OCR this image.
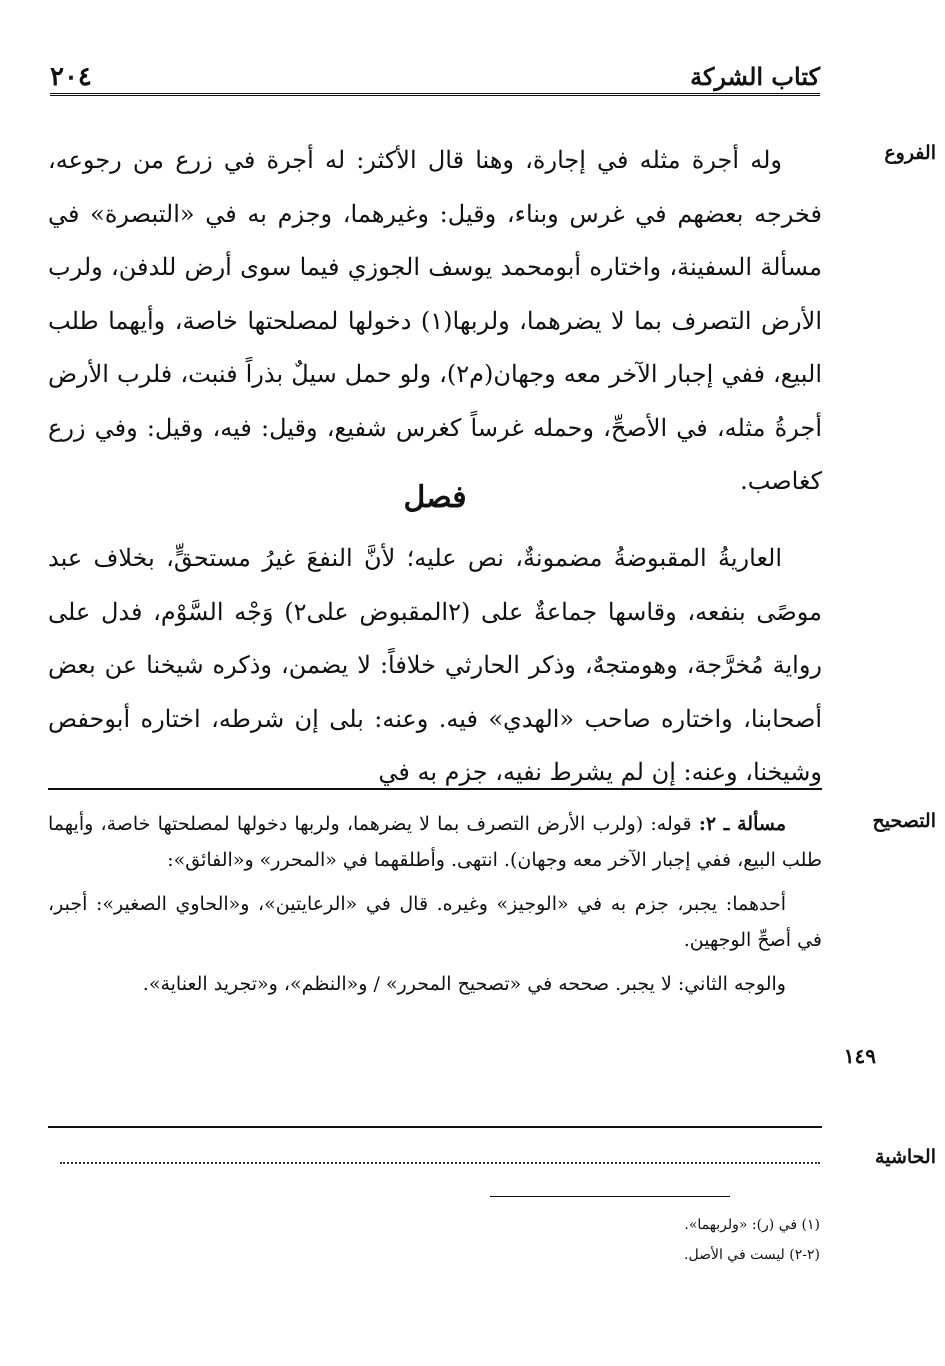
٢٠٤	كتاب الشركة
الفروع

وله أجرة مثله في إجارة، وهنا قال الأكثر: له أجرة في زرع من رجوعه، فخرجه بعضهم في غرس وبناء، وقيل: وغيرهما، وجزم به في «التبصرة» في مسألة السفينة، واختاره أبومحمد يوسف الجوزي فيما سوى أرض للدفن، ولرب الأرض التصرف بما لا يضرهما، ولربها(١) دخولها لمصلحتها خاصة، وأيهما طلب البيع، ففي إجبار الآخر معه وجهان(م٢)، ولو حمل سيلٌ بذراً فنبت، فلرب الأرض أجرةُ مثله، في الأصحِّ، وحمله غرساً كغرس شفيع، وقيل: فيه، وقيل: وفي زرع كغاصب.

فصل

العاريةُ المقبوضةُ مضمونةٌ، نص عليه؛ لأنَّ النفعَ غيرُ مستحقٍّ، بخلاف عبد موصًى بنفعه، وقاسها جماعةٌ على (٢المقبوض على٢) وَجْه السَّوْم، فدل على رواية مُخرَّجة، وهومتجهٌ، وذكر الحارثي خلافاً: لا يضمن، وذكره شيخنا عن بعض أصحابنا، واختاره صاحب «الهدي» فيه. وعنه: بلى إن شرطه، اختاره أبوحفص وشيخنا، وعنه: إن لم يشرط نفيه، جزم به في

التصحيح

مسألة ـ ٢: قوله: (ولرب الأرض التصرف بما لا يضرهما، ولربها دخولها لمصلحتها خاصة، وأيهما طلب البيع، ففي إجبار الآخر معه وجهان). انتهى. وأطلقهما في «المحرر» و«الفائق»:

أحدهما: يجبر، جزم به في «الوجيز» وغيره. قال في «الرعايتين»، و«الحاوي الصغير»: أجبر، في أصحِّ الوجهين.

والوجه الثاني: لا يجبر. صححه في «تصحيح المحرر» / و«النظم»، و«تجريد العناية».

١٤٩
الحاشية
(١) في (ر): «ولربهما».
(٢-٢) ليست في الأصل.
